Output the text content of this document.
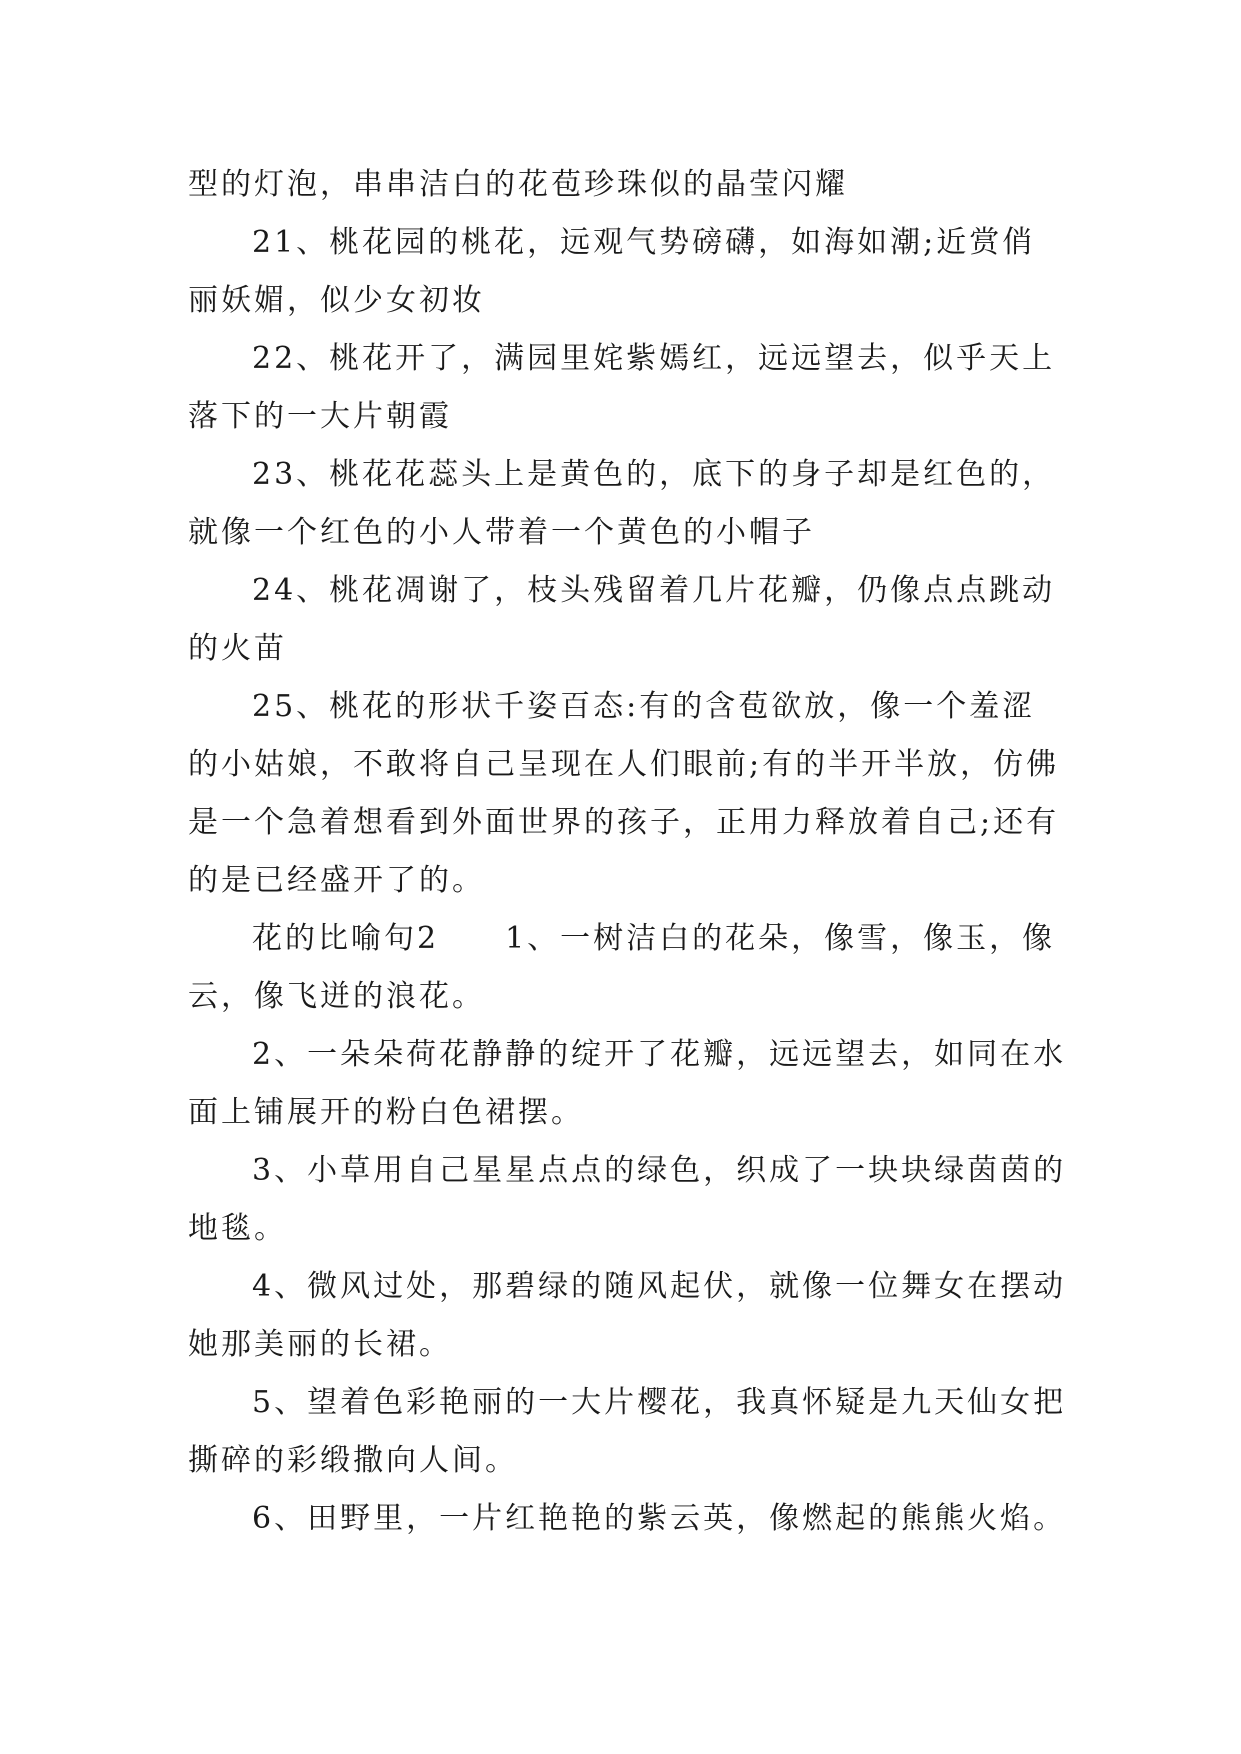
型的灯泡，串串洁白的花苞珍珠似的晶莹闪耀

21、桃花园的桃花，远观气势磅礴，如海如潮;近赏俏丽妖媚，似少女初妆

22、桃花开了，满园里姹紫嫣红，远远望去，似乎天上落下的一大片朝霞

23、桃花花蕊头上是黄色的，底下的身子却是红色的，就像一个红色的小人带着一个黄色的小帽子

24、桃花凋谢了，枝头残留着几片花瓣，仍像点点跳动的火苗

25、桃花的形状千姿百态:有的含苞欲放，像一个羞涩的小姑娘，不敢将自己呈现在人们眼前;有的半开半放，仿佛是一个急着想看到外面世界的孩子，正用力释放着自己;还有的是已经盛开了的。

花的比喻句2　　1、一树洁白的花朵，像雪，像玉，像云，像飞迸的浪花。

2、一朵朵荷花静静的绽开了花瓣，远远望去，如同在水面上铺展开的粉白色裙摆。

3、小草用自己星星点点的绿色，织成了一块块绿茵茵的地毯。

4、微风过处，那碧绿的随风起伏，就像一位舞女在摆动她那美丽的长裙。

5、望着色彩艳丽的一大片樱花，我真怀疑是九天仙女把撕碎的彩缎撒向人间。

6、田野里，一片红艳艳的紫云英，像燃起的熊熊火焰。
